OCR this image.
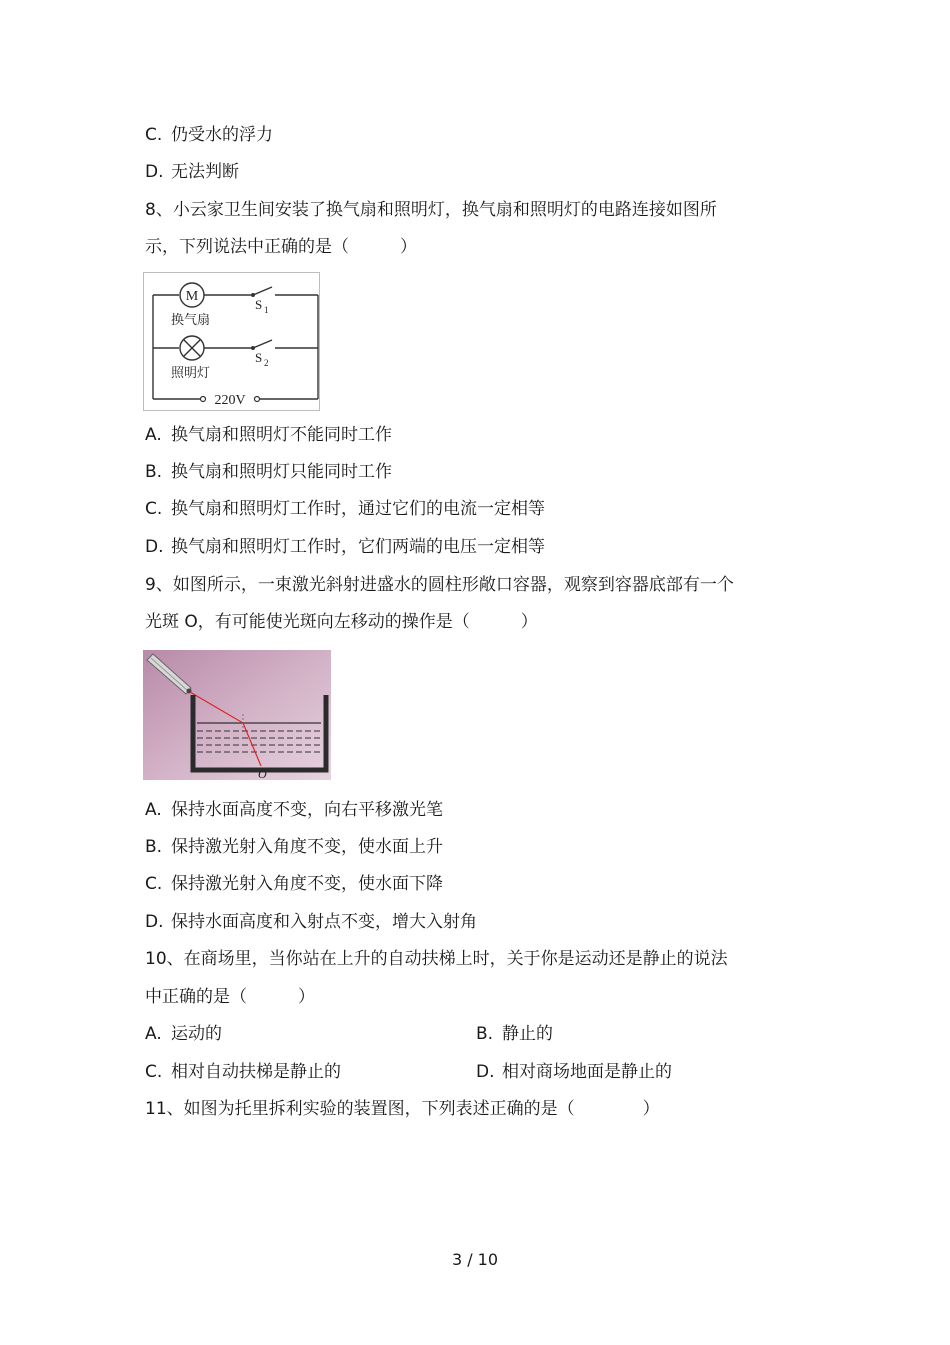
C. 仍受水的浮力
D. 无法判断
8、小云家卫生间安装了换气扇和照明灯，换气扇和照明灯的电路连接如图所
示，下列说法中正确的是（　　　）
M
S 1
换气扇
S 2
照明灯
220V
A. 换气扇和照明灯不能同时工作
B. 换气扇和照明灯只能同时工作
C. 换气扇和照明灯工作时，通过它们的电流一定相等
D. 换气扇和照明灯工作时，它们两端的电压一定相等
9、如图所示，一束激光斜射进盛水的圆柱形敞口容器，观察到容器底部有一个
光斑 O，有可能使光斑向左移动的操作是（　　　）
O
A. 保持水面高度不变，向右平移激光笔
B. 保持激光射入角度不变，使水面上升
C. 保持激光射入角度不变，使水面下降
D. 保持水面高度和入射点不变，增大入射角
10、在商场里，当你站在上升的自动扶梯上时，关于你是运动还是静止的说法
中正确的是（　　　）
A. 运动的	B. 静止的
C. 相对自动扶梯是静止的	D. 相对商场地面是静止的
11、如图为托里拆利实验的装置图，下列表述正确的是（　　　　）
3 / 10
